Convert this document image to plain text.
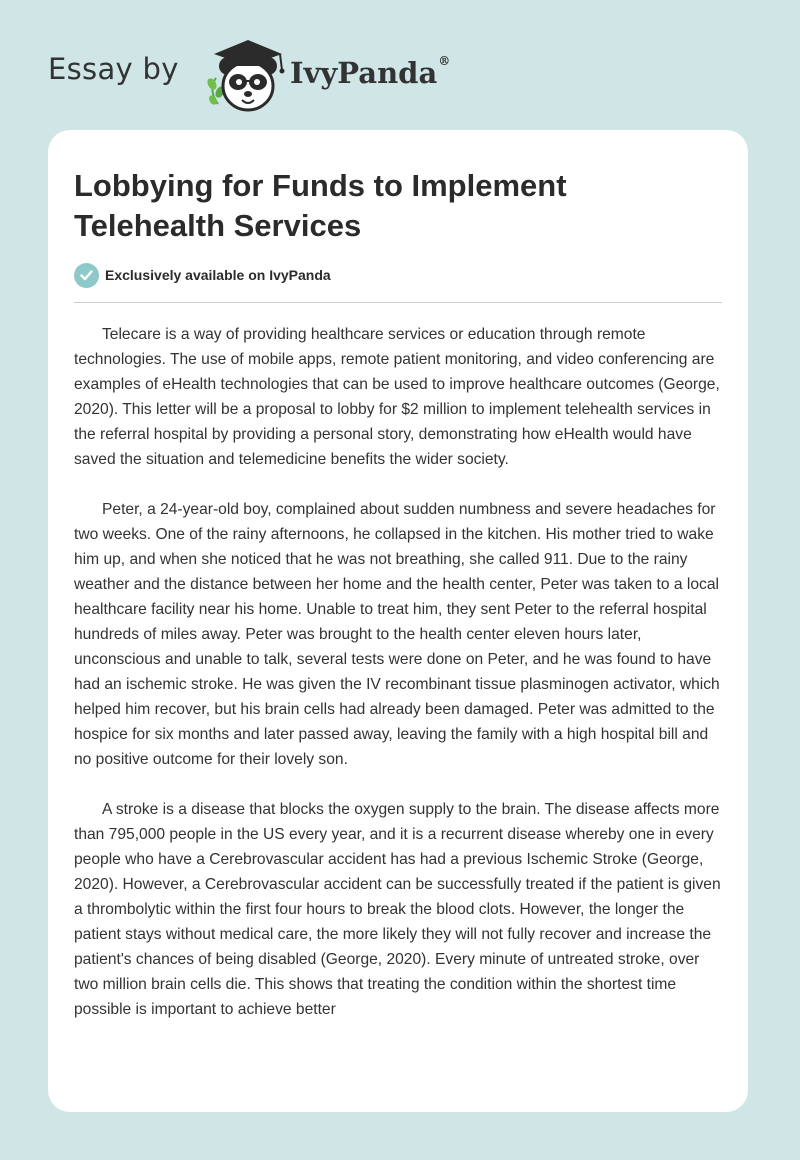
Essay by	IvyPanda®
Lobbying for Funds to Implement Telehealth Services
Exclusively available on IvyPanda

Telecare is a way of providing healthcare services or education through remote technologies. The use of mobile apps, remote patient monitoring, and video conferencing are examples of eHealth technologies that can be used to improve healthcare outcomes (George, 2020). This letter will be a proposal to lobby for $2 million to implement telehealth services in the referral hospital by providing a personal story, demonstrating how eHealth would have saved the situation and telemedicine benefits the wider society.

Peter, a 24-year-old boy, complained about sudden numbness and severe headaches for two weeks. One of the rainy afternoons, he collapsed in the kitchen. His mother tried to wake him up, and when she noticed that he was not breathing, she called 911. Due to the rainy weather and the distance between her home and the health center, Peter was taken to a local healthcare facility near his home. Unable to treat him, they sent Peter to the referral hospital hundreds of miles away. Peter was brought to the health center eleven hours later, unconscious and unable to talk, several tests were done on Peter, and he was found to have had an ischemic stroke. He was given the IV recombinant tissue plasminogen activator, which helped him recover, but his brain cells had already been damaged. Peter was admitted to the hospice for six months and later passed away, leaving the family with a high hospital bill and no positive outcome for their lovely son.

A stroke is a disease that blocks the oxygen supply to the brain. The disease affects more than 795,000 people in the US every year, and it is a recurrent disease whereby one in every people who have a Cerebrovascular accident has had a previous Ischemic Stroke (George, 2020). However, a Cerebrovascular accident can be successfully treated if the patient is given a thrombolytic within the first four hours to break the blood clots. However, the longer the patient stays without medical care, the more likely they will not fully recover and increase the patient's chances of being disabled (George, 2020). Every minute of untreated stroke, over two million brain cells die. This shows that treating the condition within the shortest time possible is important to achieve better
